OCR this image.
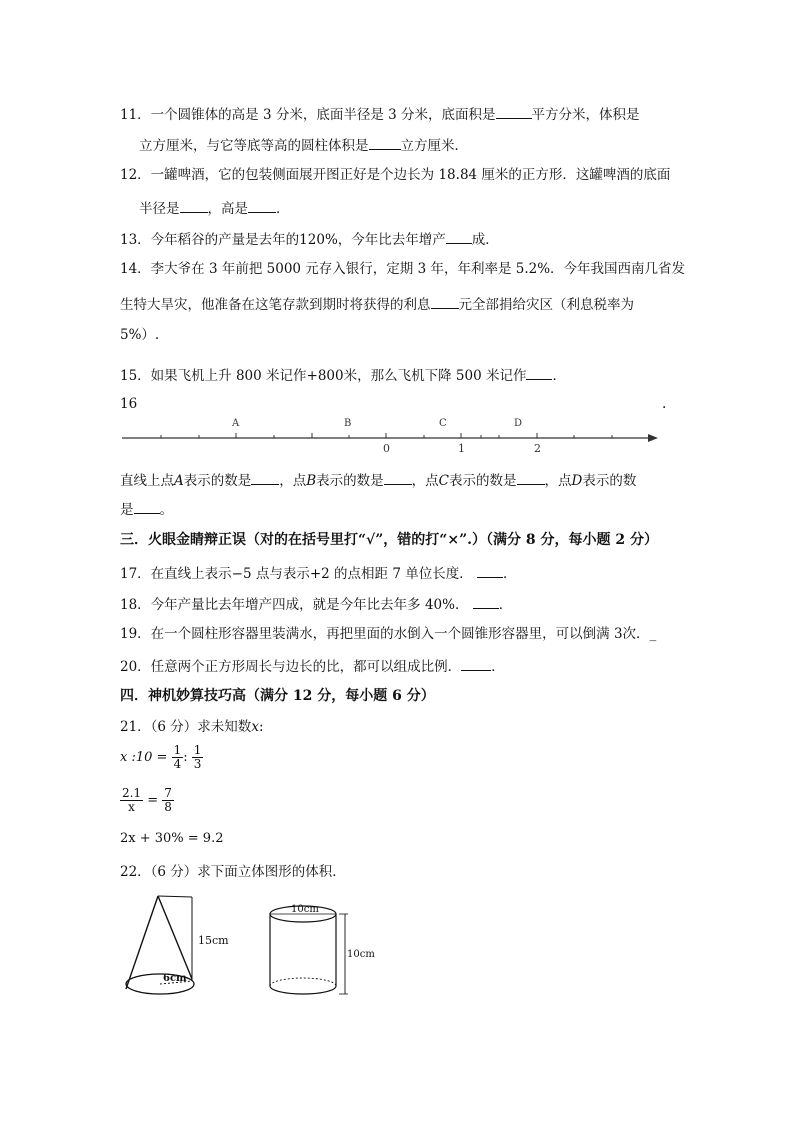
11．一个圆锥体的高是 3 分米，底面半径是 3 分米，底面积是	平方分米，体积是
立方厘米，与它等底等高的圆柱体积是 立方厘米．
12．一罐啤酒，它的包装侧面展开图正好是个边长为 18.84 厘米的正方形．这罐啤酒的底面
半径是 ，高是 ．
13．今年稻谷的产量是去年的120%，今年比去年增产 成．
14．李大爷在 3 年前把 5000 元存入银行，定期 3 年，年利率是 5.2%．今年我国西南几省发
生特大旱灾，他准备在这笔存款到期时将获得的利息 元全部捐给灾区（利息税率为
5%）.
15．如果飞机上升 800 米记作+800米，那么飞机下降 500 米记作 ．
16	.
A	B	C	D
0	1	2
直线上点A表示的数是 ，点B表示的数是 ，点C表示的数是 ，点D表示的数
是 。
三．火眼金睛辩正误（对的在括号里打“√”，错的打“×”.）（满分 8 分，每小题 2 分）
17．在直线上表示−5 点与表示+2 的点相距 7 单位长度． ．
18．今年产量比去年增产四成，就是今年比去年多 40%． ．
19．在一个圆柱形容器里装满水，再把里面的水倒入一个圆锥形容器里，可以倒满 3次．_
20．任意两个正方形周长与边长的比，都可以组成比例． ．
四．神机妙算技巧高（满分 12 分，每小题 6 分）
21．（6 分）求未知数x:
x :10 = $\frac{1}{4}$ : $\frac{1}{3}$
$\frac{2.1}{x} = \frac{7}{8}$
2x + 30% = 9.2
22．（6 分）求下面立体图形的体积．
15cm
6cm
10cm
10cm
